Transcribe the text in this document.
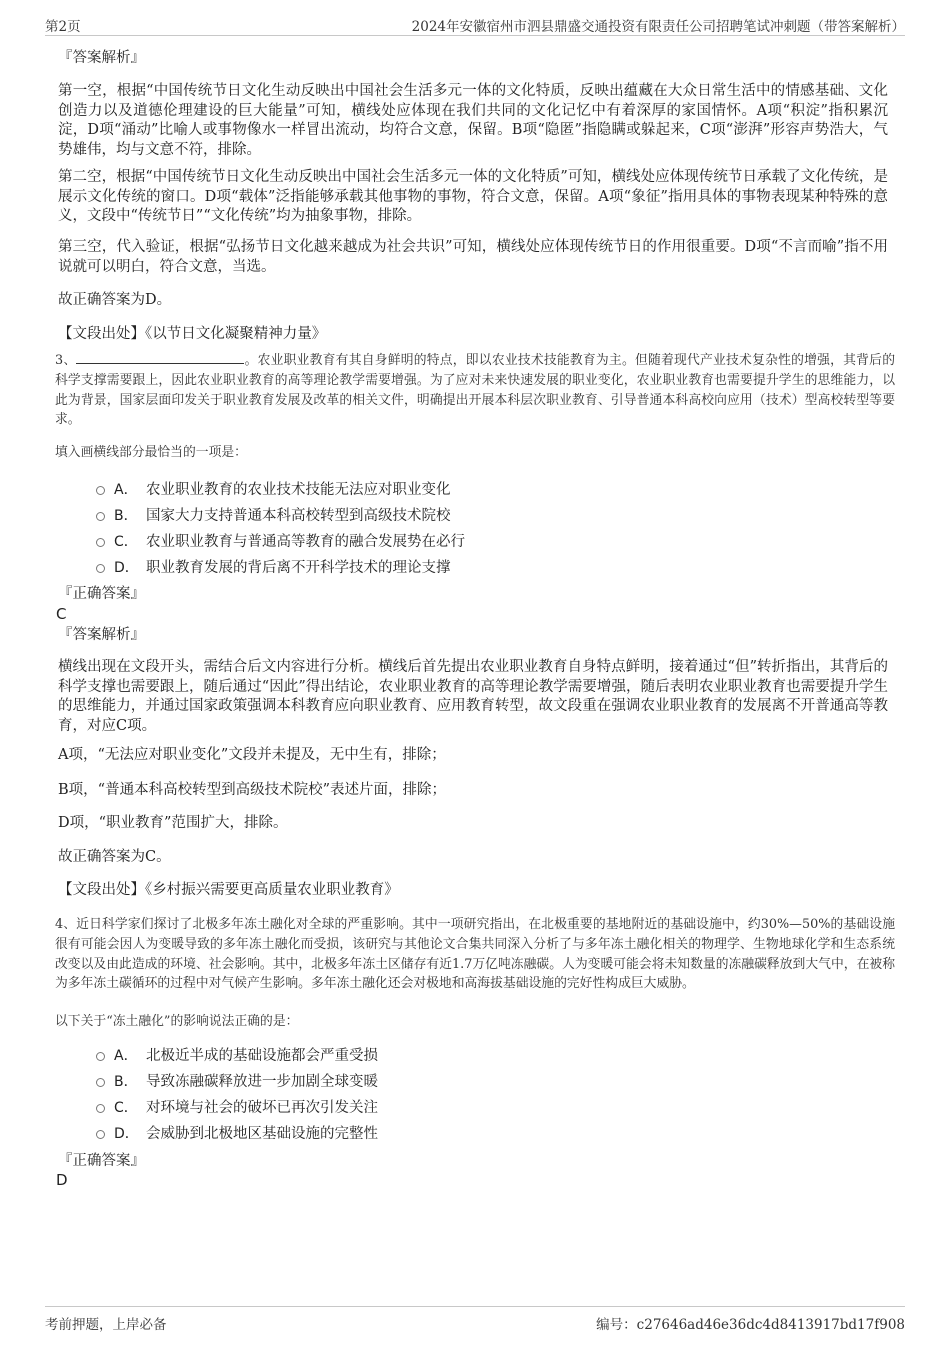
第2页	2024年安徽宿州市泗县鼎盛交通投资有限责任公司招聘笔试冲刺题（带答案解析）
『答案解析』
第一空，根据“中国传统节日文化生动反映出中国社会生活多元一体的文化特质，反映出蕴藏在大众日常生活中的情感基础、文化创造力以及道德伦理建设的巨大能量”可知，横线处应体现在我们共同的文化记忆中有着深厚的家国情怀。A项“积淀”指积累沉淀，D项“涌动”比喻人或事物像水一样冒出流动，均符合文意，保留。B项“隐匿”指隐瞒或躲起来，C项“澎湃”形容声势浩大，气势雄伟，均与文意不符，排除。
第二空，根据“中国传统节日文化生动反映出中国社会生活多元一体的文化特质”可知，横线处应体现传统节日承载了文化传统，是展示文化传统的窗口。D项“载体”泛指能够承载其他事物的事物，符合文意，保留。A项“象征”指用具体的事物表现某种特殊的意义，文段中“传统节日”“文化传统”均为抽象事物，排除。
第三空，代入验证，根据“弘扬节日文化越来越成为社会共识”可知，横线处应体现传统节日的作用很重要。D项“不言而喻”指不用说就可以明白，符合文意，当选。
故正确答案为D。
【文段出处】《以节日文化凝聚精神力量》
3、	。农业职业教育有其自身鲜明的特点，即以农业技术技能教育为主。但随着现代产业技术复杂性的增强，其背后的科学支撑需要跟上，因此农业职业教育的高等理论教学需要增强。为了应对未来快速发展的职业变化，农业职业教育也需要提升学生的思维能力，以此为背景，国家层面印发关于职业教育发展及改革的相关文件，明确提出开展本科层次职业教育、引导普通本科高校向应用（技术）型高校转型等要求。
填入画横线部分最恰当的一项是：
A． 农业职业教育的农业技术技能无法应对职业变化
B． 国家大力支持普通本科高校转型到高级技术院校
C． 农业职业教育与普通高等教育的融合发展势在必行
D． 职业教育发展的背后离不开科学技术的理论支撑
『正确答案』
C
『答案解析』
横线出现在文段开头，需结合后文内容进行分析。横线后首先提出农业职业教育自身特点鲜明，接着通过“但”转折指出，其背后的科学支撑也需要跟上，随后通过“因此”得出结论，农业职业教育的高等理论教学需要增强，随后表明农业职业教育也需要提升学生的思维能力，并通过国家政策强调本科教育应向职业教育、应用教育转型，故文段重在强调农业职业教育的发展离不开普通高等教育，对应C项。
A项，“无法应对职业变化”文段并未提及，无中生有，排除；
B项，“普通本科高校转型到高级技术院校”表述片面，排除；
D项，“职业教育”范围扩大，排除。
故正确答案为C。
【文段出处】《乡村振兴需要更高质量农业职业教育》
4、近日科学家们探讨了北极多年冻土融化对全球的严重影响。其中一项研究指出，在北极重要的基地附近的基础设施中，约30%—50%的基础设施很有可能会因人为变暖导致的多年冻土融化而受损，该研究与其他论文合集共同深入分析了与多年冻土融化相关的物理学、生物地球化学和生态系统改变以及由此造成的环境、社会影响。其中，北极多年冻土区储存有近1.7万亿吨冻融碳。人为变暖可能会将未知数量的冻融碳释放到大气中，在被称为多年冻土碳循环的过程中对气候产生影响。多年冻土融化还会对极地和高海拔基础设施的完好性构成巨大威胁。
以下关于“冻土融化”的影响说法正确的是：
A． 北极近半成的基础设施都会严重受损
B． 导致冻融碳释放进一步加剧全球变暖
C． 对环境与社会的破坏已再次引发关注
D． 会威胁到北极地区基础设施的完整性
『正确答案』
D
考前押题，上岸必备	编号：c27646ad46e36dc4d8413917bd17f908
